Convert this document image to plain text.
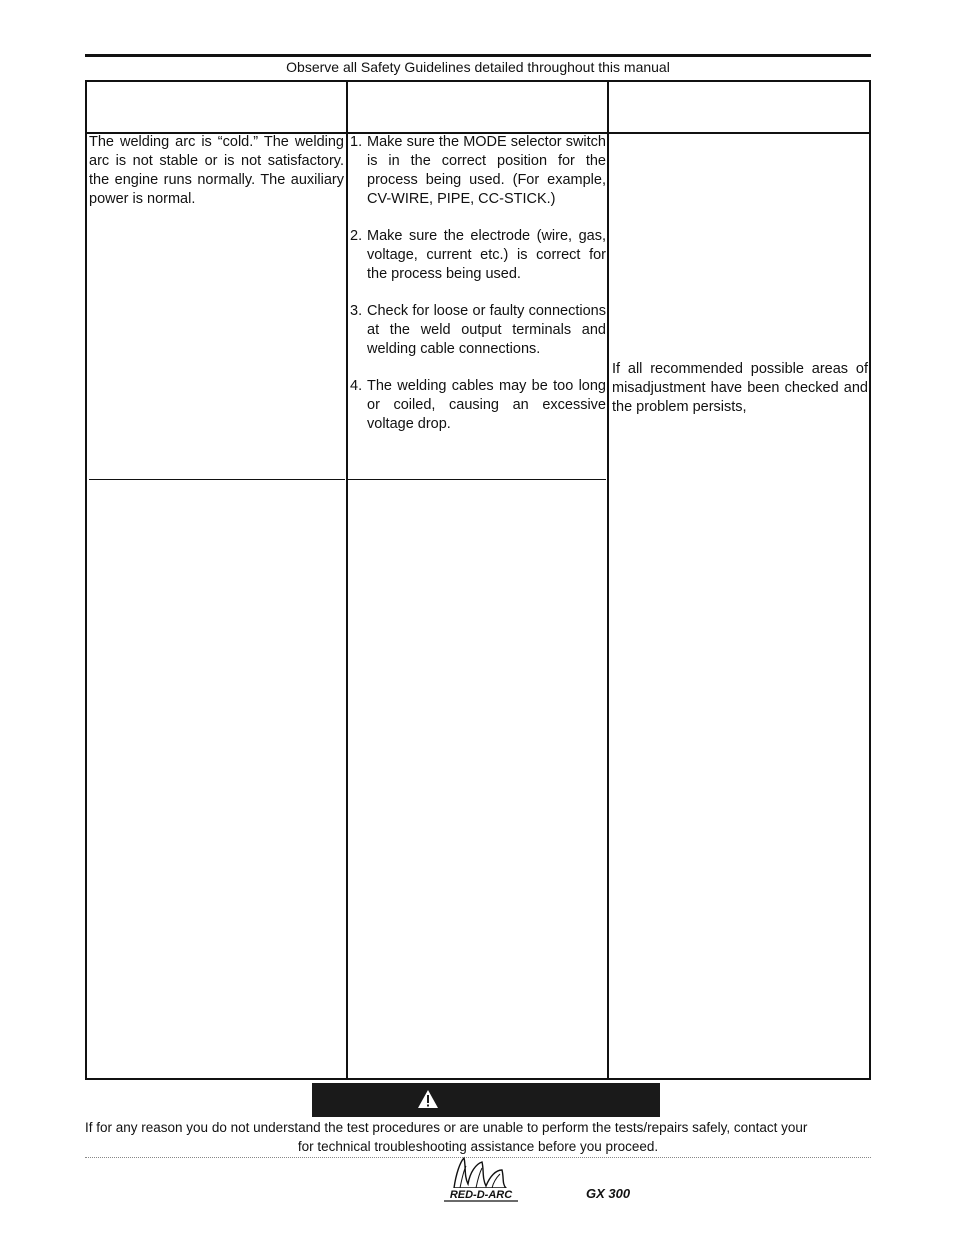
Observe all Safety Guidelines detailed throughout this manual

The welding arc is “cold.” The welding arc is not stable or is not satisfactory. the engine runs normally. The auxiliary power is normal.

1. Make sure the MODE selector switch is in the correct position for the process being used. (For example, CV-WIRE, PIPE, CC-STICK.)
2. Make sure the electrode (wire, gas, voltage, current etc.) is correct for the process being used.
3. Check for loose or faulty connections at the weld output terminals and welding cable connections.
4. The welding cables may be too long or coiled, causing an excessive voltage drop.

If all recommended possible areas of misadjustment have been checked and the problem persists,

If for any reason you do not understand the test procedures or are unable to perform the tests/repairs safely, contact your
for technical troubleshooting assistance before you proceed.

RED-D-ARC	GX 300
